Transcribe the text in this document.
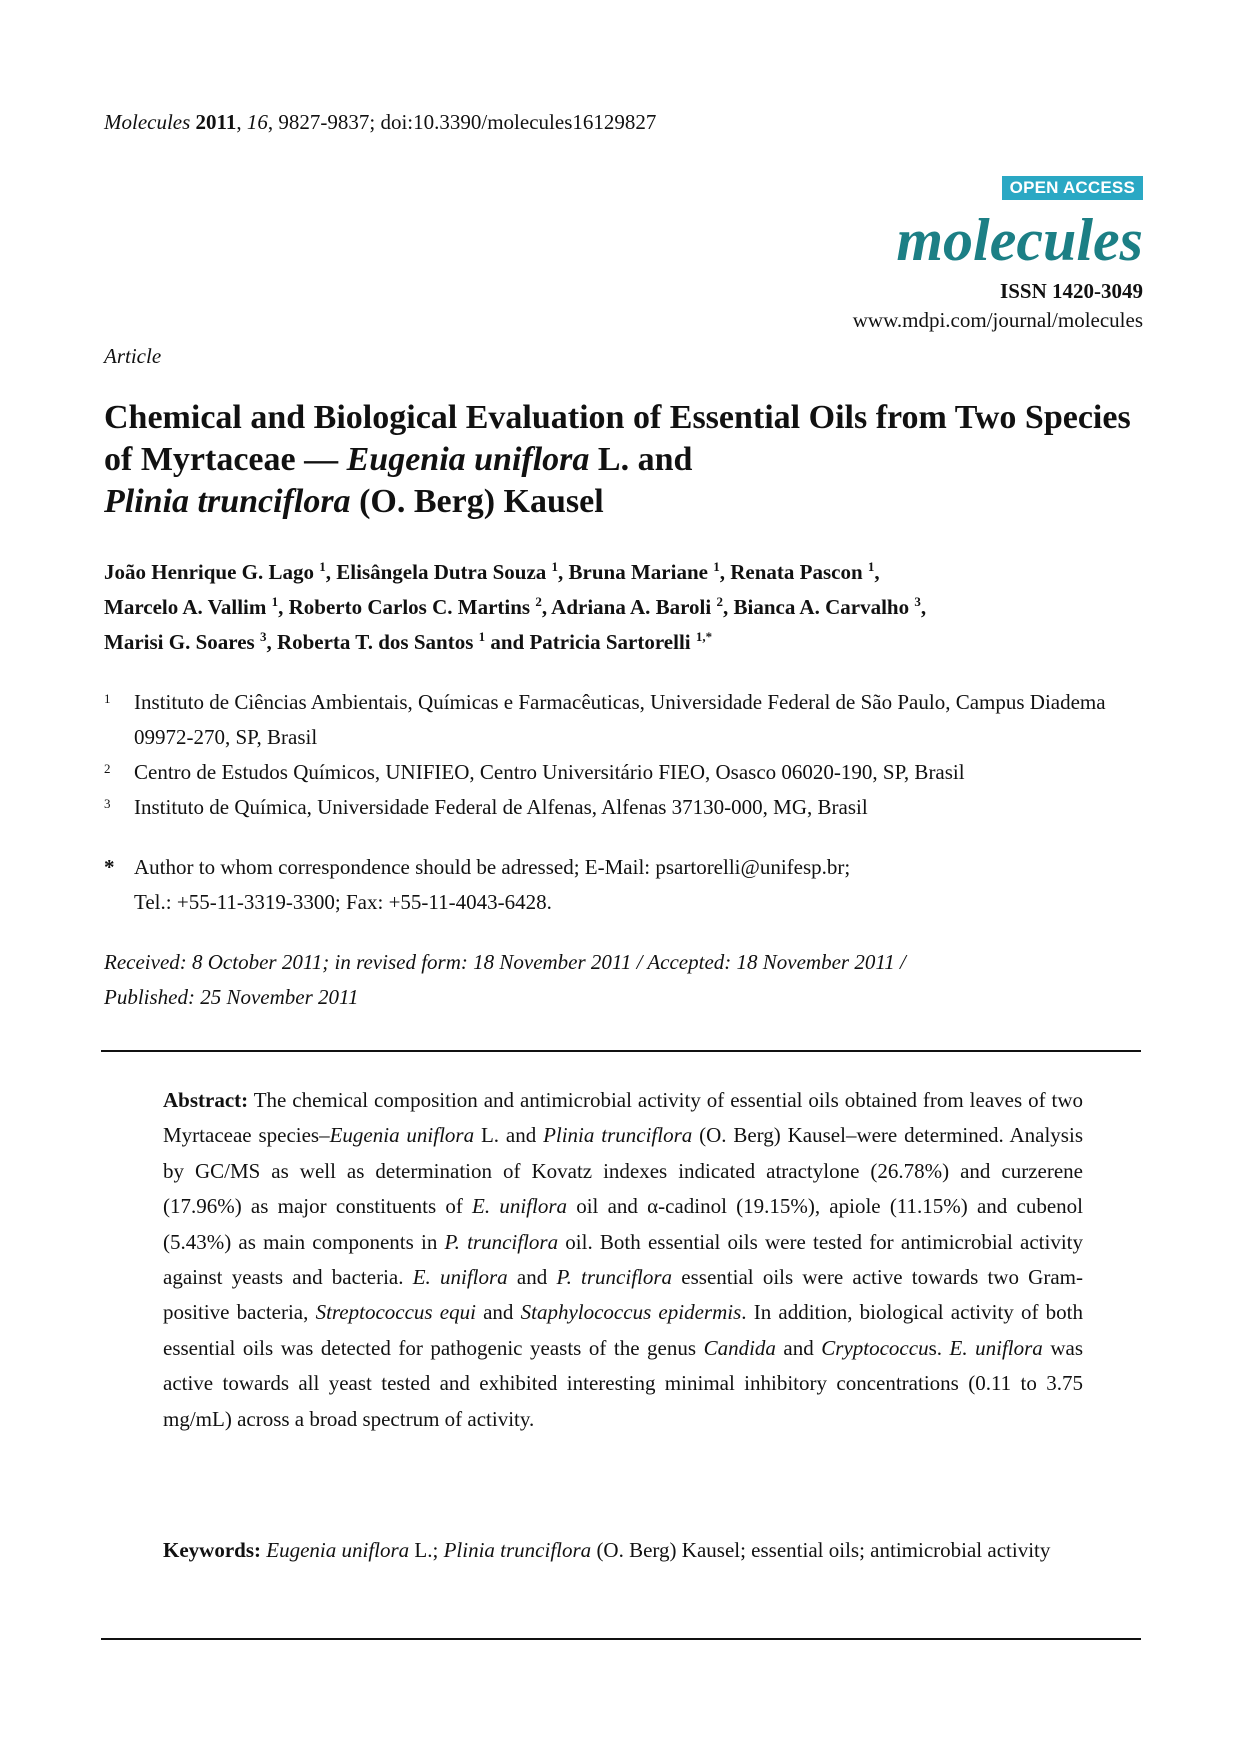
Molecules 2011, 16, 9827-9837; doi:10.3390/molecules16129827
OPEN ACCESS
molecules
ISSN 1420-3049
www.mdpi.com/journal/molecules
Article
Chemical and Biological Evaluation of Essential Oils from Two Species of Myrtaceae — Eugenia uniflora L. and
Plinia trunciflora (O. Berg) Kausel
João Henrique G. Lago $^1$, Elisângela Dutra Souza $^1$, Bruna Mariane $^1$, Renata Pascon $^1$,
Marcelo A. Vallim $^1$, Roberto Carlos C. Martins $^2$, Adriana A. Baroli $^2$, Bianca A. Carvalho $^3$,
Marisi G. Soares $^3$, Roberta T. dos Santos $^1$ and Patricia Sartorelli $^{1,*}$
1 Instituto de Ciências Ambientais, Químicas e Farmacêuticas, Universidade Federal de São Paulo, Campus Diadema 09972-270, SP, Brasil
2 Centro de Estudos Químicos, UNIFIEO, Centro Universitário FIEO, Osasco 06020-190, SP, Brasil
3 Instituto de Química, Universidade Federal de Alfenas, Alfenas 37130-000, MG, Brasil
* Author to whom correspondence should be adressed; E-Mail: psartorelli@unifesp.br;
Tel.: +55-11-3319-3300; Fax: +55-11-4043-6428.
Received: 8 October 2011; in revised form: 18 November 2011 / Accepted: 18 November 2011 /
Published: 25 November 2011
Abstract: The chemical composition and antimicrobial activity of essential oils obtained from leaves of two Myrtaceae species–Eugenia uniflora L. and Plinia trunciflora (O. Berg) Kausel–were determined. Analysis by GC/MS as well as determination of Kovatz indexes indicated atractylone (26.78%) and curzerene (17.96%) as major constituents of E. uniflora oil and α-cadinol (19.15%), apiole (11.15%) and cubenol (5.43%) as main components in P. trunciflora oil. Both essential oils were tested for antimicrobial activity against yeasts and bacteria. E. uniflora and P. trunciflora essential oils were active towards two Gram-positive bacteria, Streptococcus equi and Staphylococcus epidermis. In addition, biological activity of both essential oils was detected for pathogenic yeasts of the genus Candida and Cryptococcus. E. uniflora was active towards all yeast tested and exhibited interesting minimal inhibitory concentrations (0.11 to 3.75 mg/mL) across a broad spectrum of activity.
Keywords: Eugenia uniflora L.; Plinia trunciflora (O. Berg) Kausel; essential oils; antimicrobial activity
